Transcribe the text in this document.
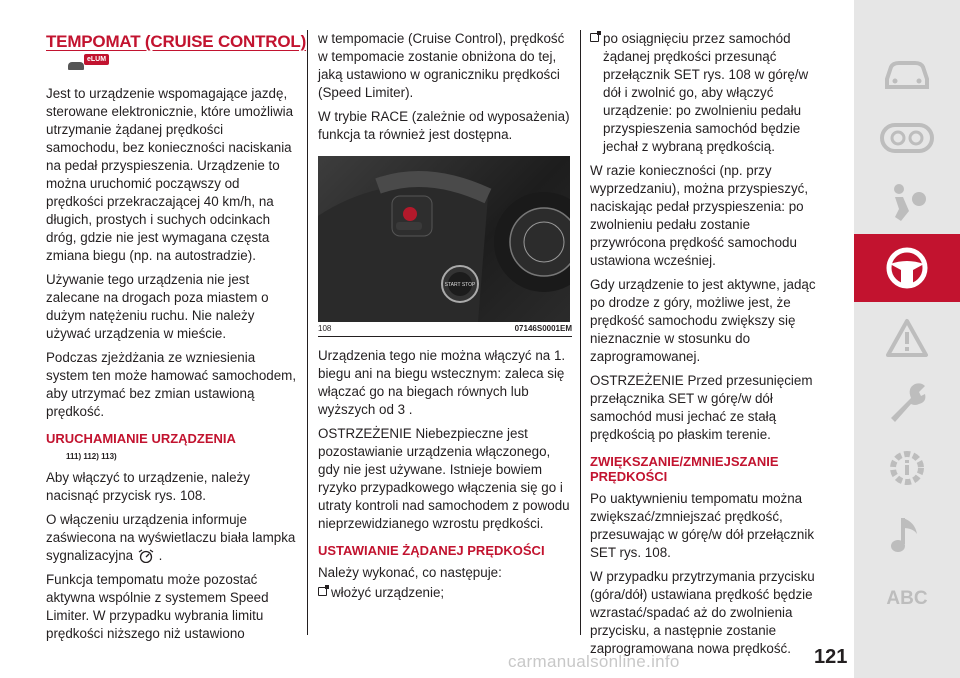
TEMPOMAT (CRUISE CONTROL)
eLUM

Jest to urządzenie wspomagające jazdę, sterowane elektronicznie, które umożliwia utrzymanie żądanej prędkości samochodu, bez konieczności naciskania na pedał przyspieszenia. Urządzenie to można uruchomić począwszy od prędkości przekraczającej 40 km/h, na długich, prostych i suchych odcinkach dróg, gdzie nie jest wymagana częsta zmiana biegu (np. na autostradzie).

Używanie tego urządzenia nie jest zalecane na drogach poza miastem o dużym natężeniu ruchu. Nie należy używać urządzenia w mieście.

Podczas zjeżdżania ze wzniesienia system ten może hamować samochodem, aby utrzymać bez zmian ustawioną prędkość.

URUCHAMIANIE URZĄDZENIA
111) 112) 113)

Aby włączyć to urządzenie, należy nacisnąć przycisk rys. 108.

O włączeniu urządzenia informuje zaświecona na wyświetlaczu biała lampka sygnalizacyjna .

Funkcja tempomatu może pozostać aktywna wspólnie z systemem Speed Limiter. W przypadku wybrania limitu prędkości niższego niż ustawiono

w tempomacie (Cruise Control), prędkość w tempomacie zostanie obniżona do tej, jaką ustawiono w ograniczniku prędkości (Speed Limiter).

W trybie RACE (zależnie od wyposażenia) funkcja ta również jest dostępna.

START STOP
108	07146S0001EM

Urządzenia tego nie można włączyć na 1. biegu ani na biegu wstecznym: zaleca się włączać go na biegach równych lub wyższych od 3 .

OSTRZEŻENIE Niebezpieczne jest pozostawianie urządzenia włączonego, gdy nie jest używane. Istnieje bowiem ryzyko przypadkowego włączenia się go i utraty kontroli nad samochodem z powodu nieprzewidzianego wzrostu prędkości.

USTAWIANIE ŻĄDANEJ PRĘDKOŚCI

Należy wykonać, co następuje:

włożyć urządzenie;

po osiągnięciu przez samochód żądanej prędkości przesunąć przełącznik SET rys. 108 w górę/w dół i zwolnić go, aby włączyć urządzenie: po zwolnieniu pedału przyspieszenia samochód będzie jechał z wybraną prędkością.

W razie konieczności (np. przy wyprzedzaniu), można przyspieszyć, naciskając pedał przyspieszenia: po zwolnieniu pedału zostanie przywrócona prędkość samochodu ustawiona wcześniej.

Gdy urządzenie to jest aktywne, jadąc po drodze z góry, możliwe jest, że prędkość samochodu zwiększy się nieznacznie w stosunku do zaprogramowanej.

OSTRZEŻENIE Przed przesunięciem przełącznika SET w górę/w dół samochód musi jechać ze stałą prędkością po płaskim terenie.

ZWIĘKSZANIE/ZMNIEJSZANIE PRĘDKOŚCI

Po uaktywnieniu tempomatu można zwiększać/zmniejszać prędkość, przesuwając w górę/w dół przełącznik SET rys. 108.

W przypadku przytrzymania przycisku (góra/dół) ustawiana prędkość będzie wzrastać/spadać aż do zwolnienia przycisku, a następnie zostanie zaprogramowana nowa prędkość.

ABC
carmanualsonline.info	121
